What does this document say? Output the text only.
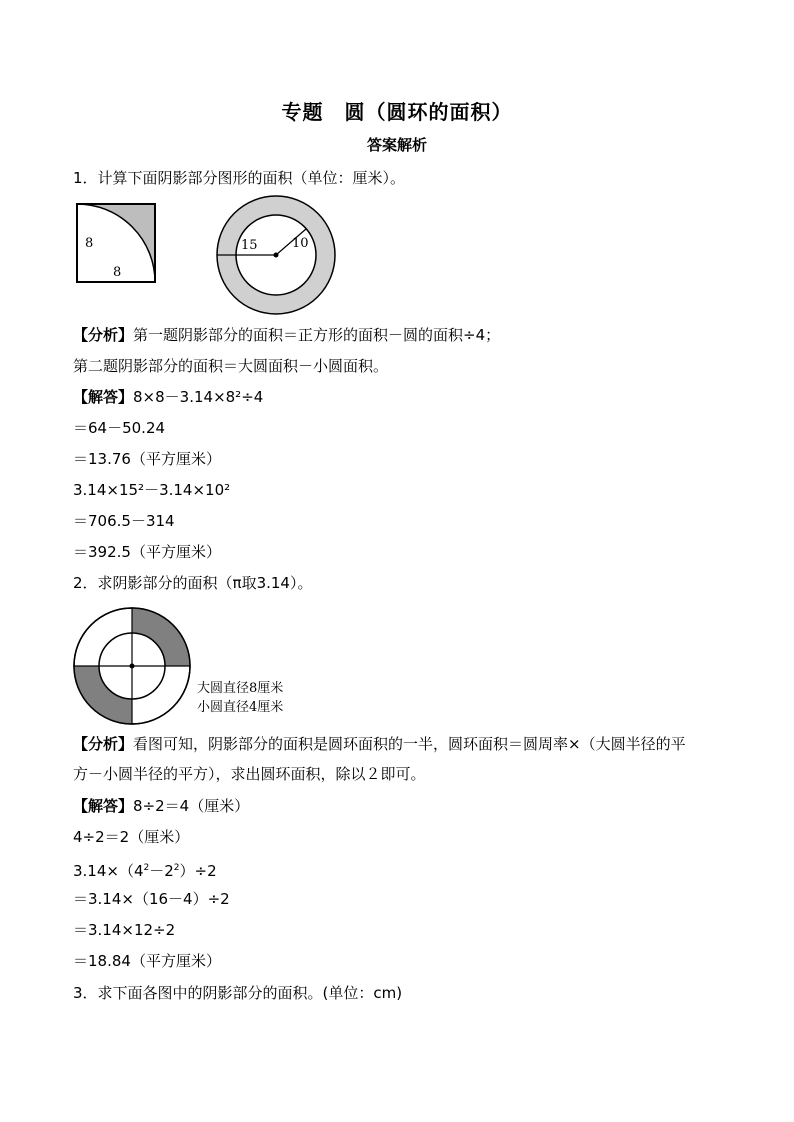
专题　圆（圆环的面积）
答案解析
1．计算下面阴影部分图形的面积（单位：厘米）。
8
8
15	10
【分析】第一题阴影部分的面积＝正方形的面积－圆的面积÷4；
第二题阴影部分的面积＝大圆面积－小圆面积。
【解答】8×8－3.14×8²÷4
＝64－50.24
＝13.76（平方厘米）
3.14×15²－3.14×10²
＝706.5－314
＝392.5（平方厘米）
2．求阴影部分的面积（π取3.14）。
大圆直径8厘米
小圆直径4厘米
【分析】看图可知，阴影部分的面积是圆环面积的一半，圆环面积＝圆周率×（大圆半径的平
方－小圆半径的平方），求出圆环面积，除以２即可。
【解答】8÷2＝4（厘米）
4÷2＝2（厘米）
$3.14\times(4^2-2^2)\div 2$
＝3.14×（16－4）÷2
＝3.14×12÷2
＝18.84（平方厘米）
3．求下面各图中的阴影部分的面积。(单位：cm)
